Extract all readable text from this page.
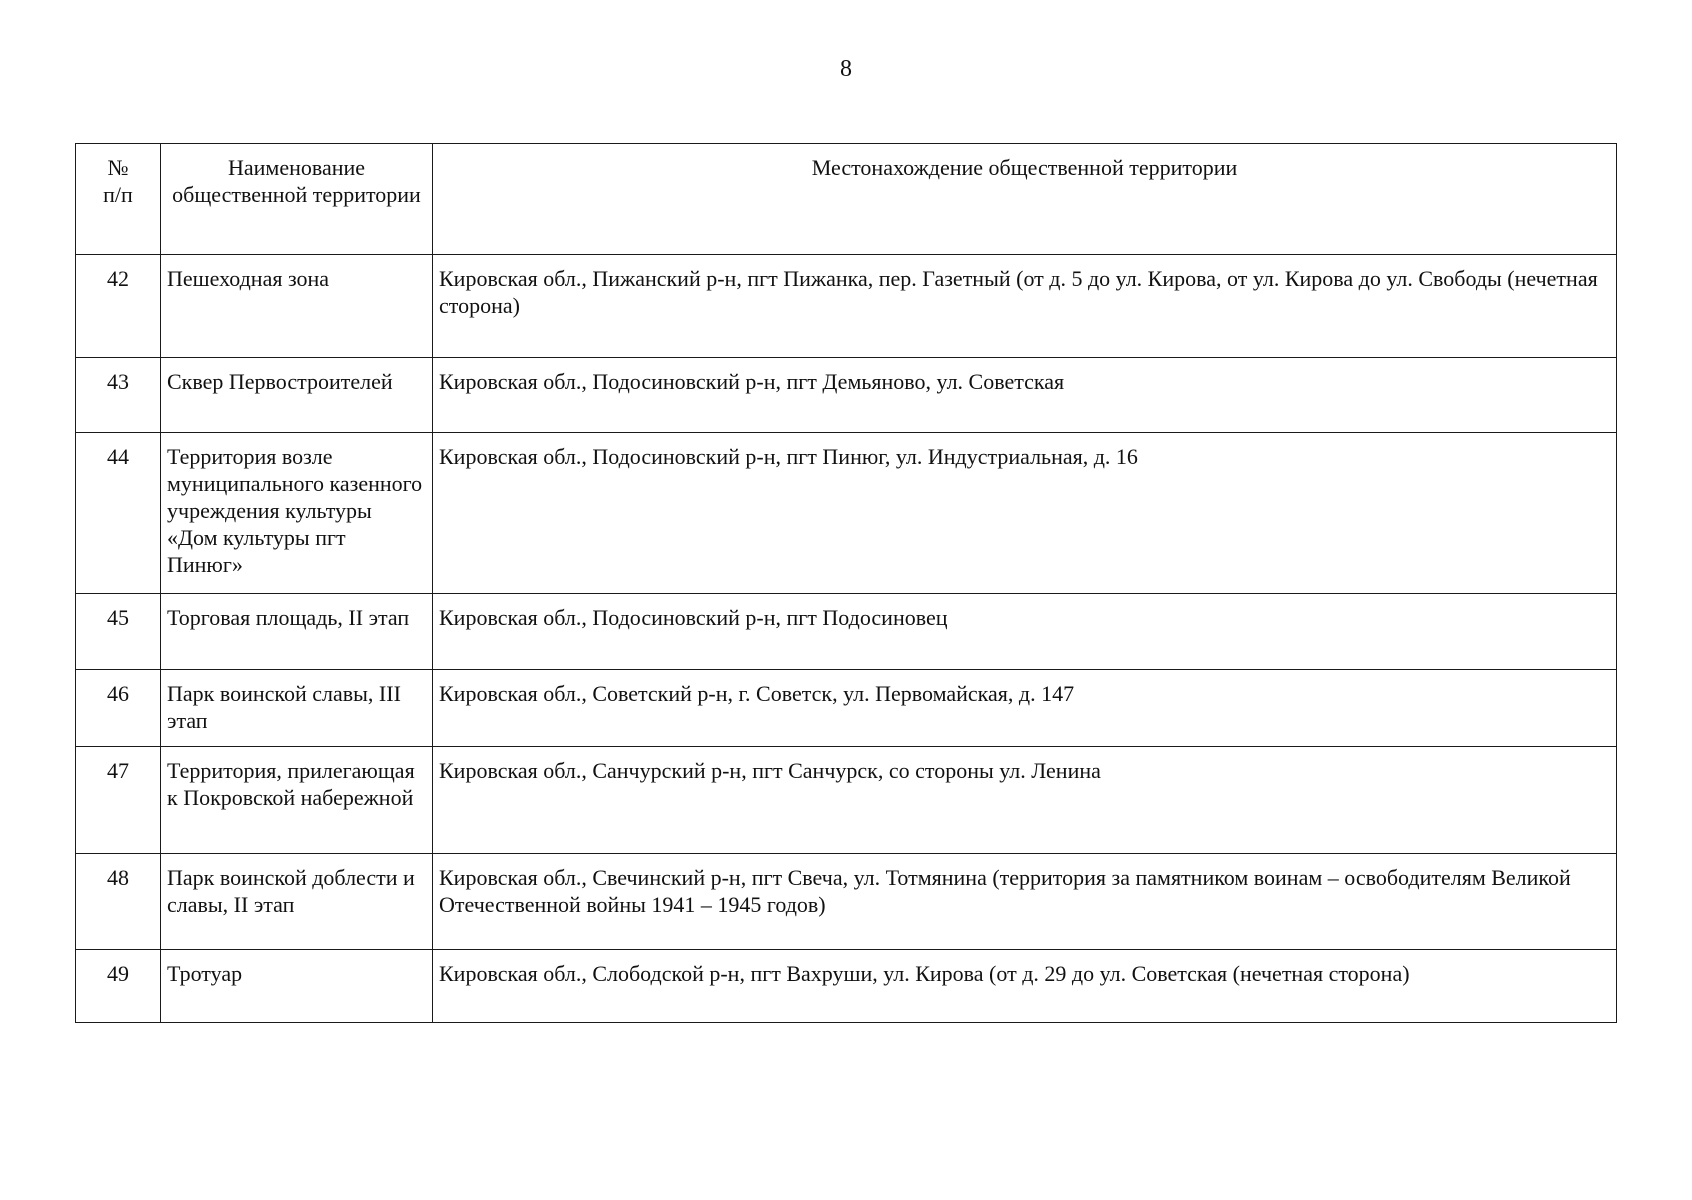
8
№
п/п	Наименование общественной территории	Местонахождение общественной территории
42	Пешеходная зона	Кировская обл., Пижанский р-н, пгт Пижанка, пер. Газетный (от д. 5 до ул. Кирова, от ул. Кирова до ул. Свободы (нечетная сторона)
43	Сквер Первостроителей	Кировская обл., Подосиновский р-н, пгт Демьяново, ул. Советская
44	Территория возле муниципального казенного учреждения культуры «Дом культуры пгт Пинюг»	Кировская обл., Подосиновский р-н, пгт Пинюг, ул. Индустриальная, д. 16
45	Торговая площадь, II этап	Кировская обл., Подосиновский р-н, пгт Подосиновец
46	Парк воинской славы, III этап	Кировская обл., Советский р-н, г. Советск, ул. Первомайская, д. 147
47	Территория, прилегающая к Покровской набережной	Кировская обл., Санчурский р-н, пгт Санчурск, со стороны ул. Ленина
48	Парк воинской доблести и славы, II этап	Кировская обл., Свечинский р-н, пгт Свеча, ул. Тотмянина (территория за памятником воинам – освободителям Великой Отечественной войны 1941 – 1945 годов)
49	Тротуар	Кировская обл., Слободской р-н, пгт Вахруши, ул. Кирова (от д. 29 до ул. Советская (нечетная сторона)
